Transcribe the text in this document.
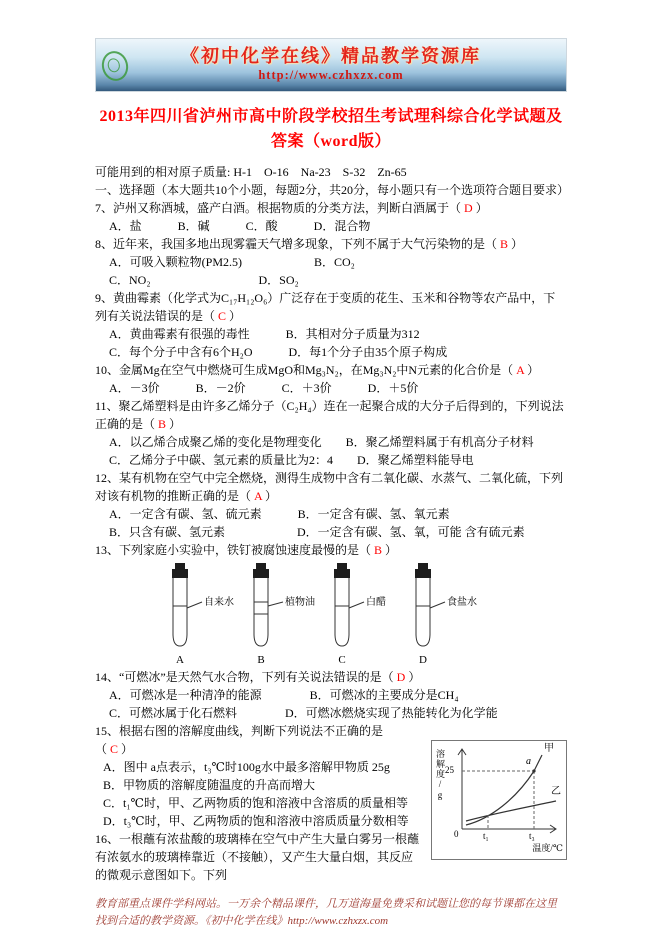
《初中化学在线》精品教学资源库
http://www.czhxzx.com

2013年四川省泸州市高中阶段学校招生考试理科综合化学试题及答案（word版）

可能用到的相对原子质量: H-1　O-16　Na-23　S-32　Zn-65

一、选择题（本大题共10个小题，每题2分，共20分，每小题只有一个选项符合题目要求）

7、泸州又称酒城，盛产白酒。根据物质的分类方法，判断白酒属于（ D ）

A．盐　　　B．碱　　　C．酸　　　D．混合物

8、近年来，我国多地出现雾霾天气增多现象，下列不属于大气污染物的是（ B ）

A．可吸入颗粒物(PM2.5)　　　　　　B．CO₂

C．NO₂　　　　　　　　　D．SO₂

9、黄曲霉素（化学式为C₁₇H₁₂O₆）广泛存在于变质的花生、玉米和谷物等农产品中，下列有关说法错误的是（ C ）

A．黄曲霉素有很强的毒性　　　B．其相对分子质量为312

C．每个分子中含有6个H₂O　　　D．每1个分子由35个原子构成

10、金属Mg在空气中燃烧可生成MgO和Mg₃N₂，在Mg₃N₂中N元素的化合价是（ A ）

A．－3价　　　B．－2价　　　C．＋3价　　　D．＋5价

11、聚乙烯塑料是由许多乙烯分子（C₂H₄）连在一起聚合成的大分子后得到的，下列说法正确的是（ B ）

A．以乙烯合成聚乙烯的变化是物理变化　　B．聚乙烯塑料属于有机高分子材料

C．乙烯分子中碳、氢元素的质量比为2：4　　D．聚乙烯塑料能导电

12、某有机物在空气中完全燃烧，测得生成物中含有二氧化碳、水蒸气、二氧化硫，下列对该有机物的推断正确的是（ A ）

A．一定含有碳、氢、硫元素　　　B．一定含有碳、氢、氧元素

B．只含有碳、氢元素　　　　　　D．一定含有碳、氢、氧，可能 含有硫元素

13、下列家庭小实验中，铁钉被腐蚀速度最慢的是（ B ）

自来水
A
植物油
B
白醋
C
食盐水
D

14、“可燃冰”是天然气水合物，下列有关说法错误的是（ D ）

A．可燃冰是一种清净的能源　　　　B．可燃冰的主要成分是CH₄

C．可燃冰属于化石燃料　　　　D．可燃冰燃烧实现了热能转化为化学能

15、根据右图的溶解度曲线，判断下列说法不正确的是

溶解度/g 25
a
甲
乙
0	t₁	t₃
温度/℃

（ C ）

A．图中 a点表示，t₃℃时100g水中最多溶解甲物质 25g

B．甲物质的溶解度随温度的升高而增大

C．t₁℃时，甲、乙两物质的饱和溶液中含溶质的质量相等

D．t₃℃时，甲、乙两物质的饱和溶液中溶质质量分数相等

16、一根蘸有浓盐酸的玻璃棒在空气中产生大量白雾另一根蘸有浓氨水的玻璃棒靠近（不接触），又产生大量白烟，其反应的微观示意图如下。下列

教育部重点课件学科网站。一万余个精品课件，几万道海量免费采和试题让您的每节课都在这里找到合适的教学资源。《初中化学在线》http://www.czhxzx.com
